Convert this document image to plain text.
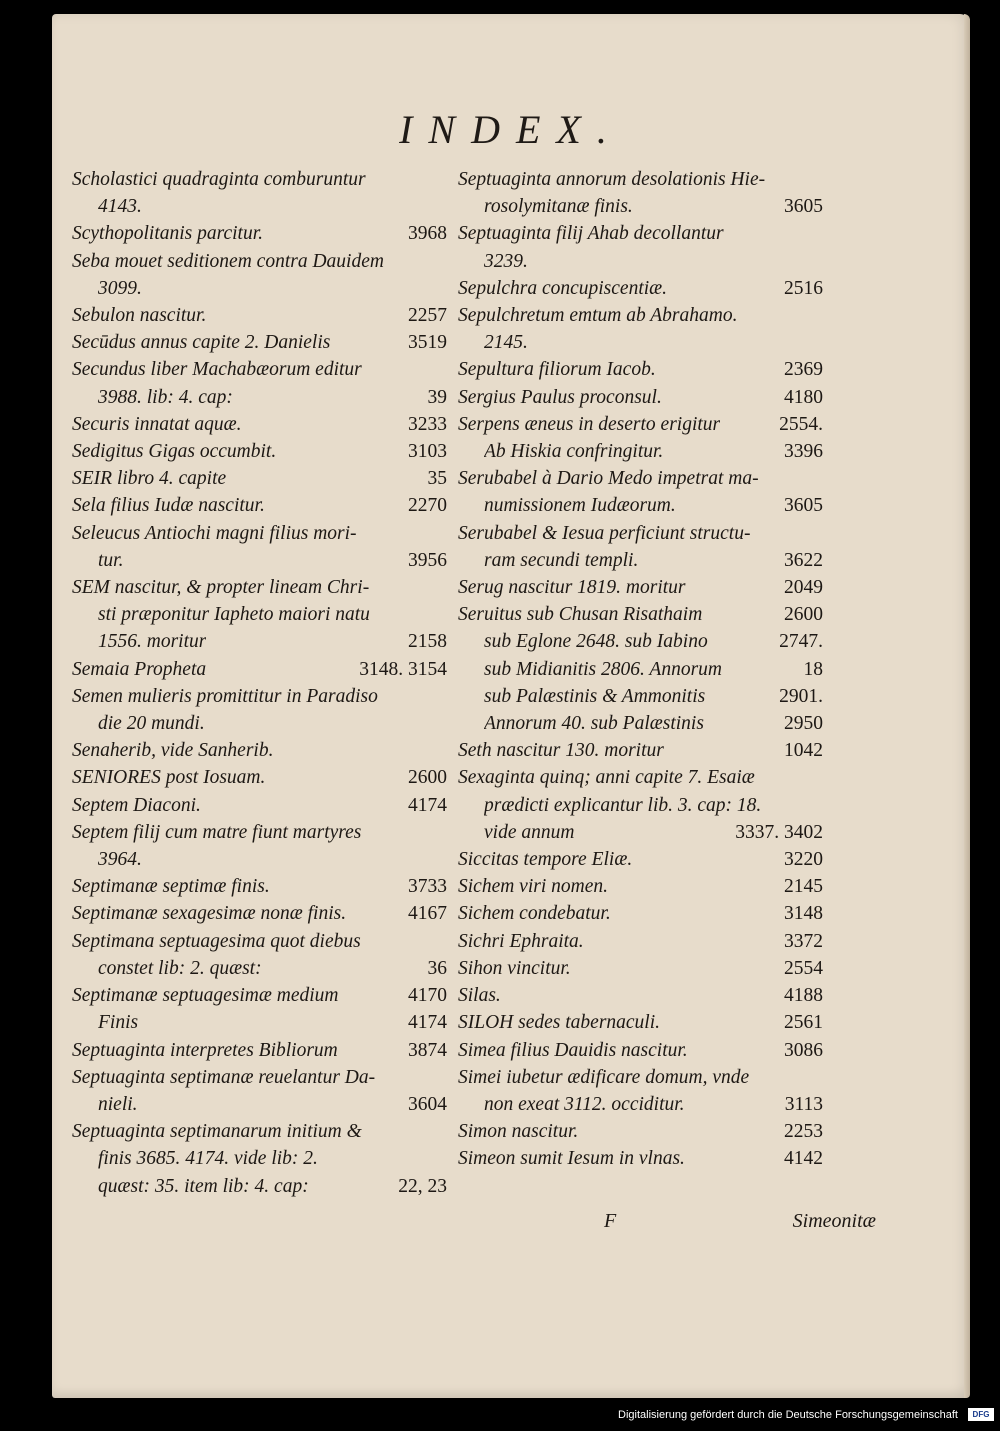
INDEX.
Scholastici quadraginta comburuntur
4143.
Scythopolitanis parcitur.	3968
Seba mouet seditionem contra Dauidem
3099.
Sebulon nascitur.	2257
Secūdus annus capite 2. Danielis	3519
Secundus liber Machabæorum editur
3988. lib: 4. cap:	39
Securis innatat aquæ.	3233
Sedigitus Gigas occumbit.	3103
SEIR libro 4. capite	35
Sela filius Iudæ nascitur.	2270
Seleucus Antiochi magni filius mori-
tur.	3956
SEM nascitur, & propter lineam Chri-
sti præponitur Iapheto maiori natu
1556. moritur	2158
Semaia Propheta	3148. 3154
Semen mulieris promittitur in Paradiso
die 20 mundi.
Senaherib, vide Sanherib.
SENIORES post Iosuam.	2600
Septem Diaconi.	4174
Septem filij cum matre fiunt martyres
3964.
Septimanæ septimæ finis.	3733
Septimanæ sexagesimæ nonæ finis.	4167
Septimana septuagesima quot diebus
constet lib: 2. quæst:	36
Septimanæ septuagesimæ medium	4170
Finis	4174
Septuaginta interpretes Bibliorum	3874
Septuaginta septimanæ reuelantur Da-
nieli.	3604
Septuaginta septimanarum initium &
finis 3685. 4174. vide lib: 2.
quæst: 35. item lib: 4. cap:	22, 23
Septuaginta annorum desolationis Hie-
rosolymitanæ finis.	3605
Septuaginta filij Ahab decollantur
3239.
Sepulchra concupiscentiæ.	2516
Sepulchretum emtum ab Abrahamo.
2145.
Sepultura filiorum Iacob.	2369
Sergius Paulus proconsul.	4180
Serpens æneus in deserto erigitur	2554.
Ab Hiskia confringitur.	3396
Serubabel à Dario Medo impetrat ma-
numissionem Iudæorum.	3605
Serubabel & Iesua perficiunt structu-
ram secundi templi.	3622
Serug nascitur 1819. moritur	2049
Seruitus sub Chusan Risathaim	2600
sub Eglone 2648. sub Iabino	2747.
sub Midianitis 2806. Annorum	18
sub Palæstinis & Ammonitis	2901.
Annorum 40. sub Palæstinis	2950
Seth nascitur 130. moritur	1042
Sexaginta quinq; anni capite 7. Esaiæ
prædicti explicantur lib. 3. cap: 18.
vide annum	3337. 3402
Siccitas tempore Eliæ.	3220
Sichem viri nomen.	2145
Sichem condebatur.	3148
Sichri Ephraita.	3372
Sihon vincitur.	2554
Silas.	4188
SILOH sedes tabernaculi.	2561
Simea filius Dauidis nascitur.	3086
Simei iubetur ædificare domum, vnde
non exeat 3112. occiditur.	3113
Simon nascitur.	2253
Simeon sumit Iesum in vlnas.	4142
F	Simeonitæ
Digitalisierung gefördert durch die Deutsche Forschungsgemeinschaft	DFG
